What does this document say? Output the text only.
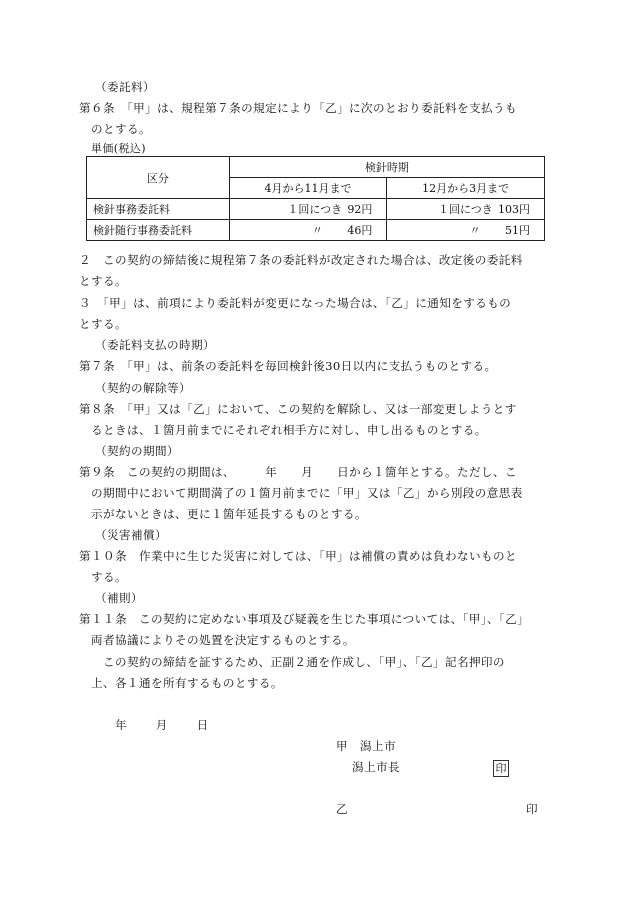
（委託料）
第６条　「甲」は、規程第７条の規定により「乙」に次のとおり委託料を支払うも
のとする。
単価(税込)
区分	検針時期	
	4月から11月まで	12月から3月まで
検針事務委託料	１回につき 92円	１回につき 103円
検針随行事務委託料	〃 46円	〃 51円
２　この契約の締結後に規程第７条の委託料が改定された場合は、改定後の委託料
とする。
３　「甲」は、前項により委託料が変更になった場合は、「乙」に通知をするもの
とする。
（委託料支払の時期）
第７条　「甲」は、前条の委託料を毎回検針後30日以内に支払うものとする。
（契約の解除等）
第８条　「甲」又は「乙」において、この契約を解除し、又は一部変更しようとす
るときは、１箇月前までにそれぞれ相手方に対し、申し出るものとする。
（契約の期間）
第９条　この契約の期間は、　　　年　　月　　日から１箇年とする。ただし、こ
の期間中において期間満了の１箇月前までに「甲」又は「乙」から別段の意思表
示がないときは、更に１箇年延長するものとする。
（災害補償）
第１０条　作業中に生じた災害に対しては、「甲」は補償の責めは負わないものと
する。
（補則）
第１１条　この契約に定めない事項及び疑義を生じた事項については、「甲」、「乙」
両者協議によりその処置を決定するものとする。
この契約の締結を証するため、正副２通を作成し、「甲」、「乙」記名押印の
上、各１通を所有するものとする。
年　　月　　日
甲　潟上市
潟上市長	印
乙	印
